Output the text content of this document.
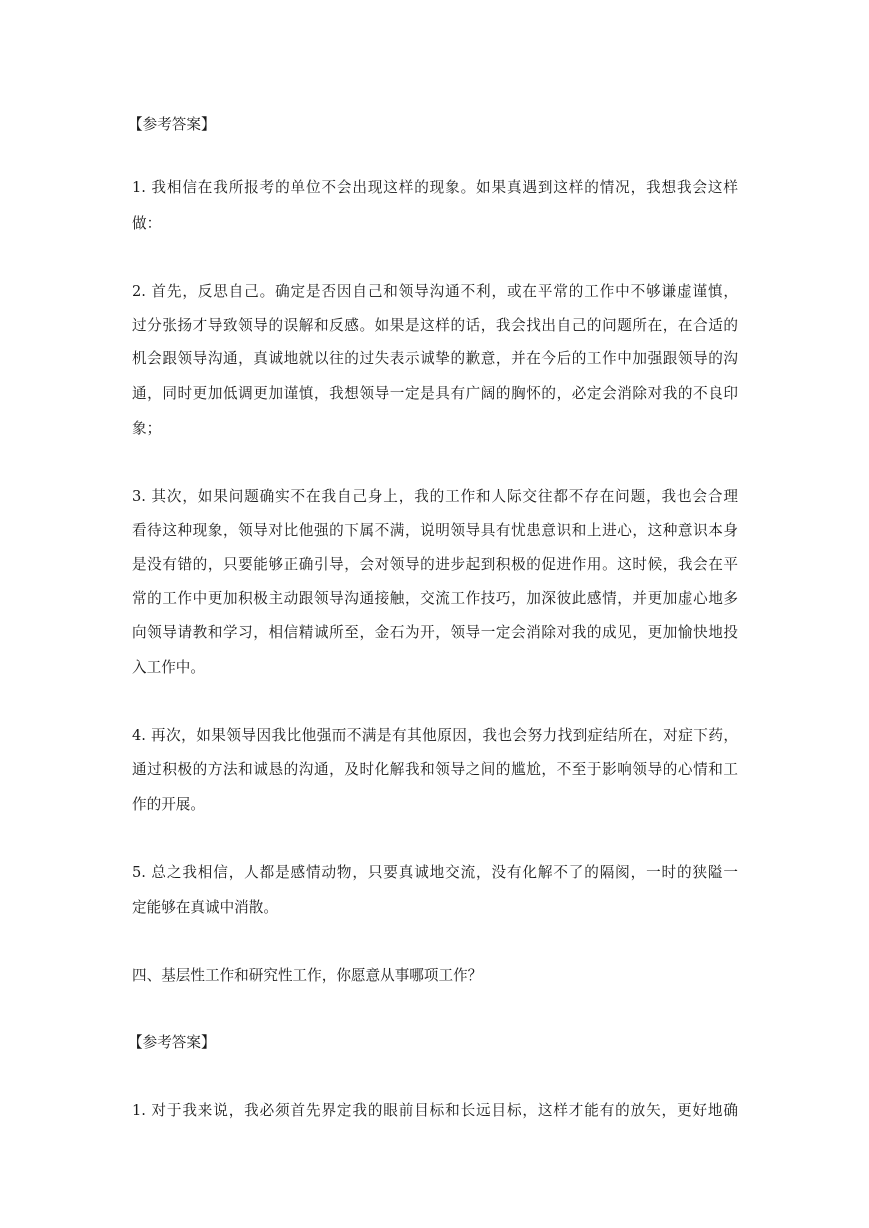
【参考答案】
1. 我相信在我所报考的单位不会出现这样的现象。如果真遇到这样的情况，我想我会这样
做：
2. 首先，反思自己。确定是否因自己和领导沟通不利，或在平常的工作中不够谦虚谨慎，
过分张扬才导致领导的误解和反感。如果是这样的话，我会找出自己的问题所在，在合适的
机会跟领导沟通，真诚地就以往的过失表示诚挚的歉意，并在今后的工作中加强跟领导的沟
通，同时更加低调更加谨慎，我想领导一定是具有广阔的胸怀的，必定会消除对我的不良印
象；
3. 其次，如果问题确实不在我自己身上，我的工作和人际交往都不存在问题，我也会合理
看待这种现象，领导对比他强的下属不满，说明领导具有忧患意识和上进心，这种意识本身
是没有错的，只要能够正确引导，会对领导的进步起到积极的促进作用。这时候，我会在平
常的工作中更加积极主动跟领导沟通接触，交流工作技巧，加深彼此感情，并更加虚心地多
向领导请教和学习，相信精诚所至，金石为开，领导一定会消除对我的成见，更加愉快地投
入工作中。
4. 再次，如果领导因我比他强而不满是有其他原因，我也会努力找到症结所在，对症下药，
通过积极的方法和诚恳的沟通，及时化解我和领导之间的尴尬，不至于影响领导的心情和工
作的开展。
5. 总之我相信，人都是感情动物，只要真诚地交流，没有化解不了的隔阂，一时的狭隘一
定能够在真诚中消散。
四、基层性工作和研究性工作，你愿意从事哪项工作？
【参考答案】
1. 对于我来说，我必须首先界定我的眼前目标和长远目标，这样才能有的放矢，更好地确
